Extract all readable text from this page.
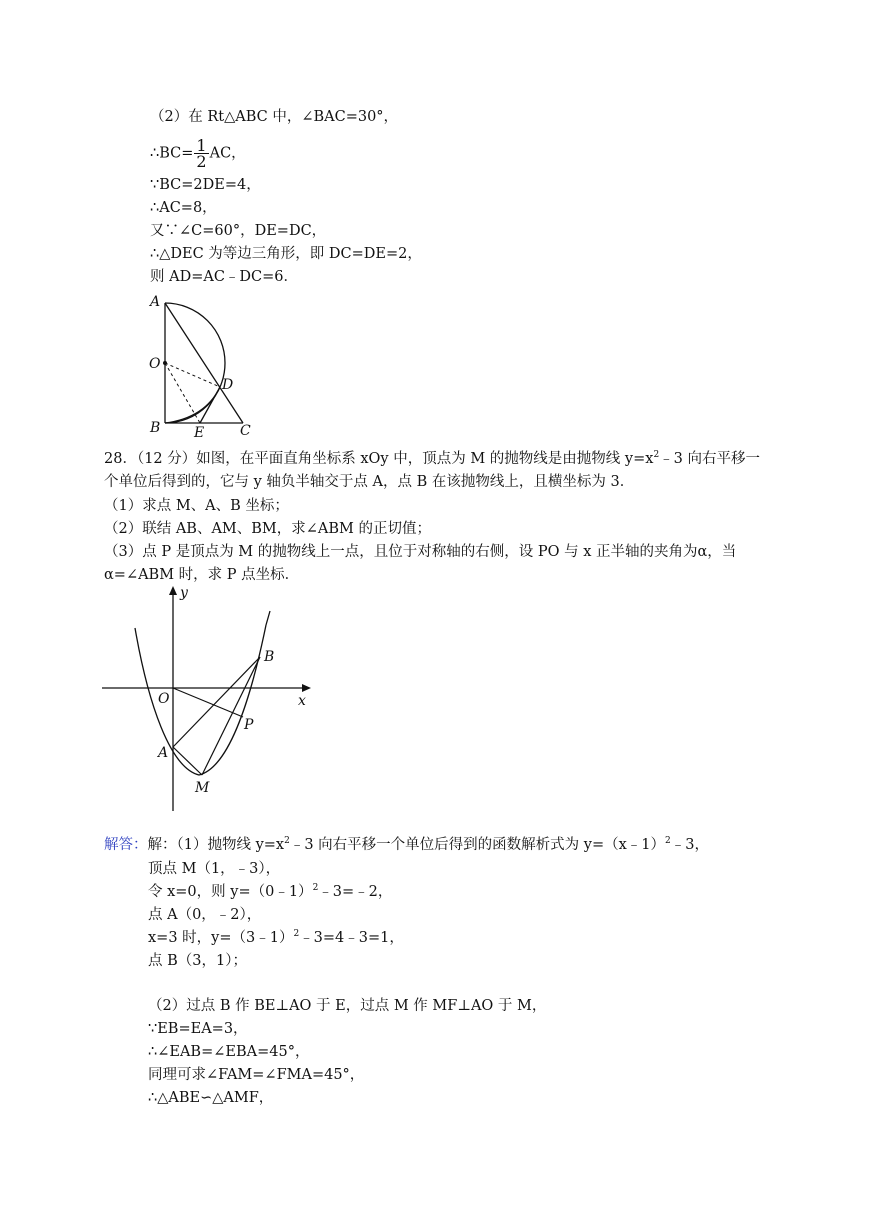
（2）在 Rt△ABC 中，∠BAC=30°，
∴BC= $\frac{1}{2}$ AC，
∵BC=2DE=4，
∴AC=8，
又∵∠C=60°，DE=DC，
∴△DEC 为等边三角形，即 DC=DE=2，
则 AD=AC﹣DC=6．
A
O
D
B E	C
28．（12 分）如图，在平面直角坐标系 xOy 中，顶点为 M 的抛物线是由抛物线 $y=x^2﹣3$ 向右平移一
个单位后得到的，它与 y 轴负半轴交于点 A，点 B 在该抛物线上，且横坐标为 3．
（1）求点 M、A、B 坐标；
（2）联结 AB、AM、BM，求∠ABM 的正切值；
（3）点 P 是顶点为 M 的抛物线上一点，且位于对称轴的右侧，设 PO 与 x 正半轴的夹角为α，当
α=∠ABM 时，求 P 点坐标．
y
x
O
B
P
A
M
解答：解：（1）抛物线 $y=x^2﹣3$ 向右平移一个单位后得到的函数解析式为 y=（x﹣1）$^2$﹣3，
顶点 M（1，﹣3），
令 x=0，则 y=（0﹣1）$^2$﹣3=﹣2，
点 A（0，﹣2），
x=3 时，y=（3﹣1）$^2$﹣3=4﹣3=1，
点 B（3，1）；
（2）过点 B 作 BE⊥AO 于 E，过点 M 作 MF⊥AO 于 M，
∵EB=EA=3，
∴∠EAB=∠EBA=45°，
同理可求∠FAM=∠FMA=45°，
∴△ABE∽△AMF，
